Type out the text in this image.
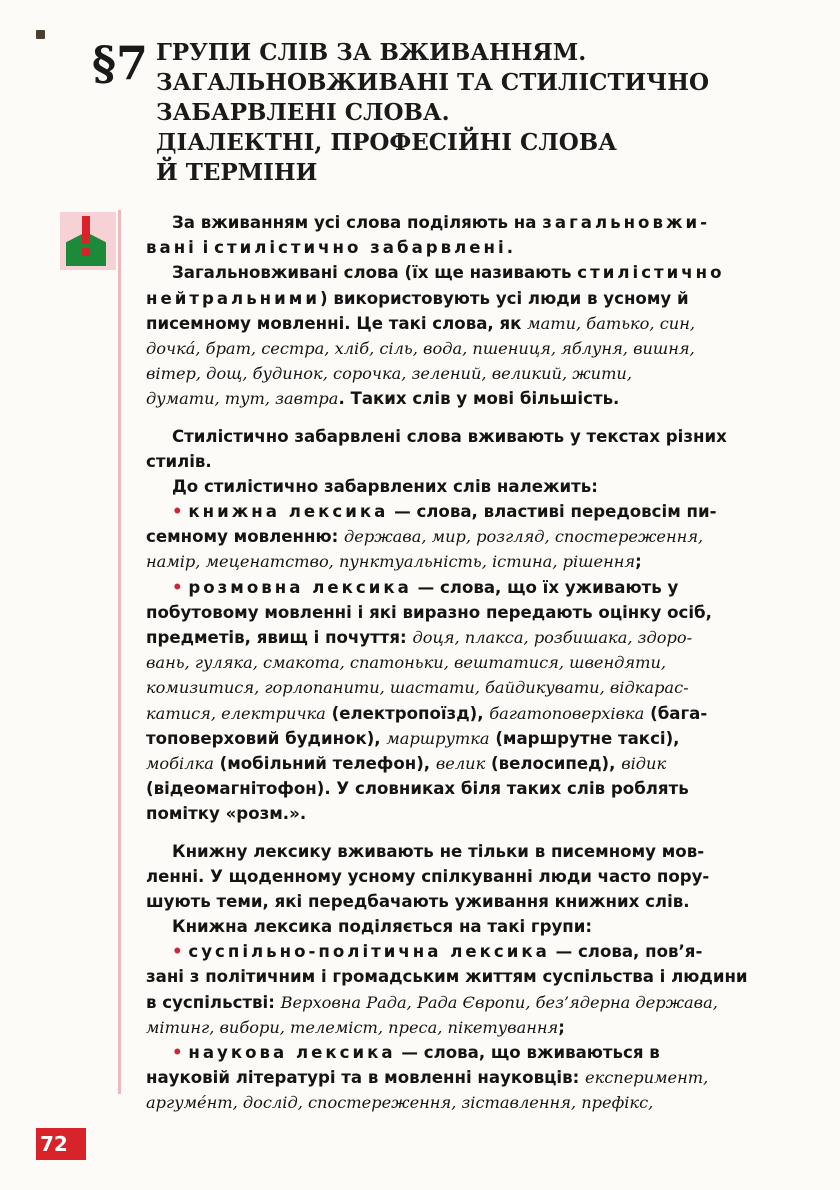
§7 ГРУПИ СЛІВ ЗА ВЖИВАННЯМ.
ЗАГАЛЬНОВЖИВАНІ ТА СТИЛІСТИЧНО
ЗАБАРВЛЕНІ СЛОВА.
ДІАЛЕКТНІ, ПРОФЕСІЙНІ СЛОВА
Й ТЕРМІНИ
За вживанням усі слова поділяють на загальновжи-
вані і стилістично забарвлені.
Загальновживані слова (їх ще називають стилістично
нейтральними) використовують усі люди в усному й
писемному мовленні. Це такі слова, як мати, батько, син,
дочка́, брат, сестра, хліб, сіль, вода, пшениця, яблуня, вишня,
вітер, дощ, будинок, сорочка, зелений, великий, жити,
думати, тут, завтра. Таких слів у мові більшість.
Стилістично забарвлені слова вживають у текстах різних
стилів.
До стилістично забарвлених слів належить:
• книжна лексика — слова, властиві передовсім пи-
семному мовленню: держава, мир, розгляд, спостереження,
намір, меценатство, пунктуальність, істина, рішення;
• розмовна лексика — слова, що їх уживають у
побутовому мовленні і які виразно передають оцінку осіб,
предметів, явищ і почуття: доця, плакса, розбишака, здоро-
вань, гуляка, смакота, спатоньки, вештатися, швендяти,
комизитися, горлопанити, шастати, байдикувати, відкарас-
катися, електричка (електропоїзд), багатоповерхівка (бага-
топоверховий будинок), маршрутка (маршрутне таксі),
мобілка (мобільний телефон), велик (велосипед), відик
(відеомагнітофон). У словниках біля таких слів роблять
помітку «розм.».
Книжну лексику вживають не тільки в писемному мов-
ленні. У щоденному усному спілкуванні люди часто пору-
шують теми, які передбачають уживання книжних слів.
Книжна лексика поділяється на такі групи:
• суспільно-політична лексика — слова, пов’я-
зані з політичним і громадським життям суспільства і людини
в суспільстві: Верховна Рада, Рада Європи, без’ядерна держава,
мітинг, вибори, телеміст, преса, пікетування;
• наукова лексика — слова, що вживаються в
науковій літературі та в мовленні науковців: експеримент,
аргуме́нт, дослід, спостереження, зіставлення, префікс,
72
